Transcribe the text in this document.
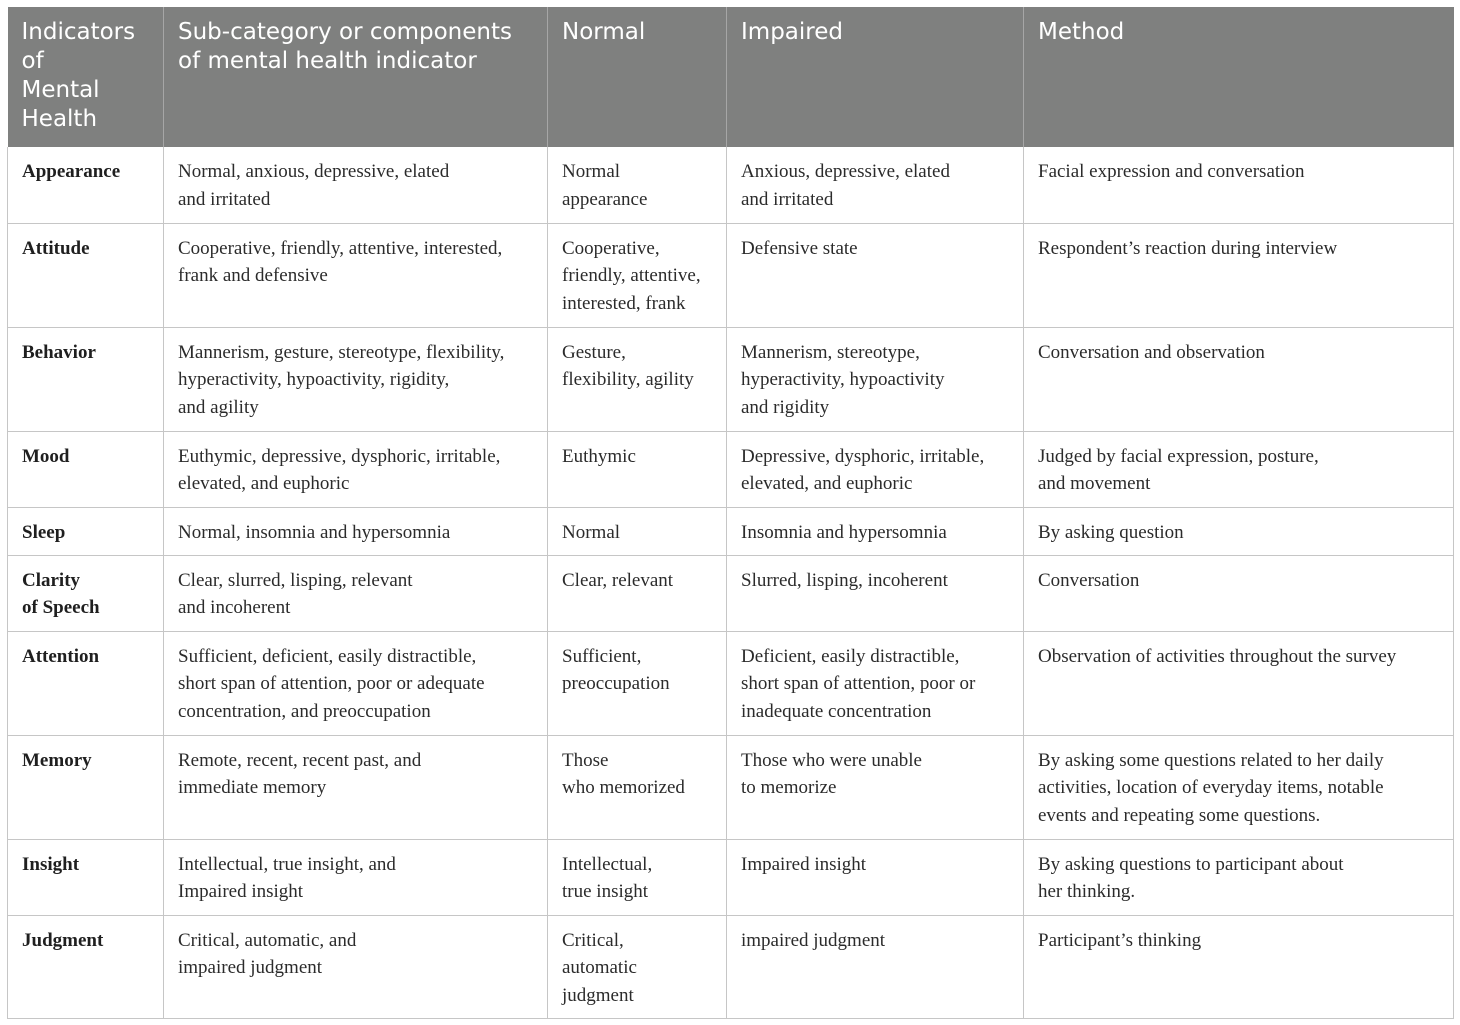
Indicators
of
Mental
Health	Sub-category or components
of mental health indicator	Normal	Impaired	Method

Appearance	Normal, anxious, depressive, elated
and irritated	Normal
appearance	Anxious, depressive, elated
and irritated	Facial expression and conversation

Attitude	Cooperative, friendly, attentive, interested,
frank and defensive	Cooperative,
friendly, attentive,
interested, frank	Defensive state	Respondent’s reaction during interview

Behavior	Mannerism, gesture, stereotype, flexibility,
hyperactivity, hypoactivity, rigidity,
and agility	Gesture,
flexibility, agility	Mannerism, stereotype,
hyperactivity, hypoactivity
and rigidity	Conversation and observation

Mood	Euthymic, depressive, dysphoric, irritable,
elevated, and euphoric	Euthymic	Depressive, dysphoric, irritable,
elevated, and euphoric	Judged by facial expression, posture,
and movement

Sleep	Normal, insomnia and hypersomnia	Normal	Insomnia and hypersomnia	By asking question

Clarity
of Speech	Clear, slurred, lisping, relevant
and incoherent	Clear, relevant	Slurred, lisping, incoherent	Conversation

Attention	Sufficient, deficient, easily distractible,
short span of attention, poor or adequate
concentration, and preoccupation	Sufficient,
preoccupation	Deficient, easily distractible,
short span of attention, poor or
inadequate concentration	Observation of activities throughout the survey

Memory	Remote, recent, recent past, and
immediate memory	Those
who memorized	Those who were unable
to memorize	By asking some questions related to her daily
activities, location of everyday items, notable
events and repeating some questions.

Insight	Intellectual, true insight, and
Impaired insight	Intellectual,
true insight	Impaired insight	By asking questions to participant about
her thinking.

Judgment	Critical, automatic, and
impaired judgment	Critical,
automatic
judgment	impaired judgment	Participant’s thinking
